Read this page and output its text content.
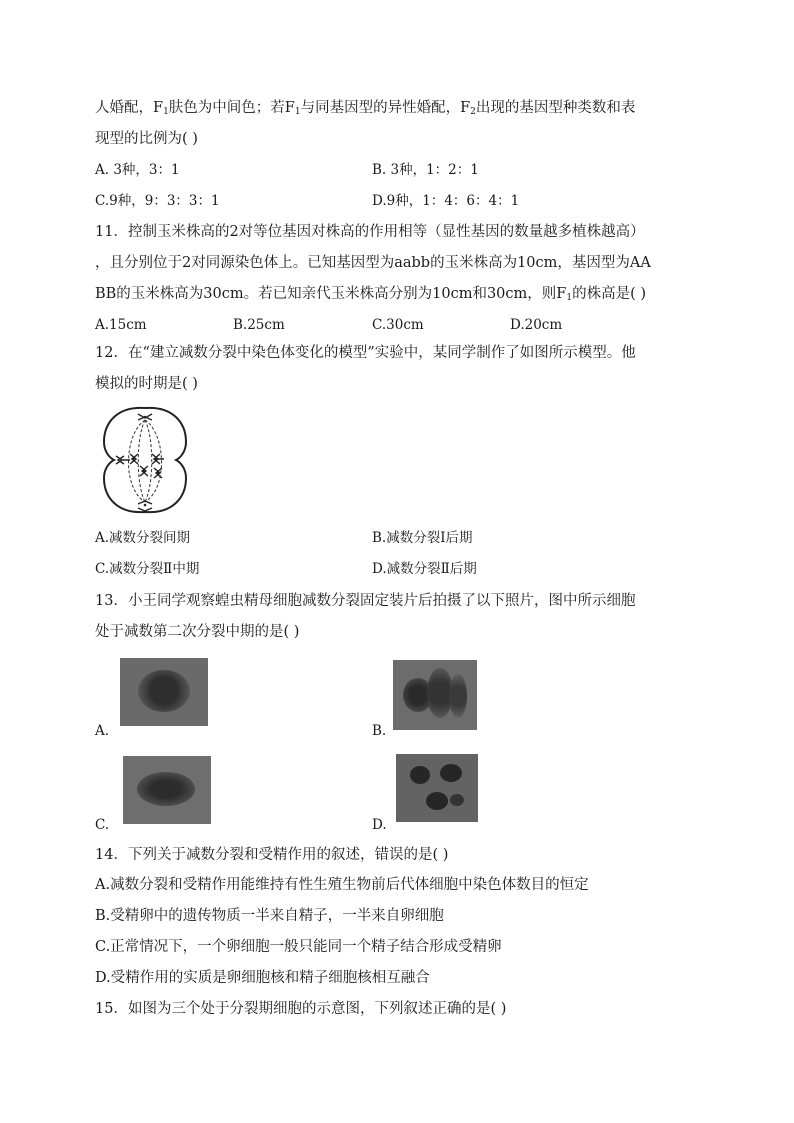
人婚配，$F_1$肤色为中间色；若$F_1$与同基因型的异性婚配，$F_2$出现的基因型种类数和表
现型的比例为( )
A. 3种，3：1	B. 3种，1：2：1
C.9种，9：3：3：1	D.9种，1：4：6：4：1
11．控制玉米株高的2对等位基因对株高的作用相等（显性基因的数量越多植株越高）
，且分别位于2对同源染色体上。已知基因型为aabb的玉米株高为10cm，基因型为AA
BB的玉米株高为30cm。若已知亲代玉米株高分别为10cm和30cm，则$F_1$的株高是( )
A.15cm	B.25cm	C.30cm	D.20cm
12．在“建立减数分裂中染色体变化的模型”实验中，某同学制作了如图所示模型。他
模拟的时期是( )
A.减数分裂间期	B.减数分裂Ⅰ后期
C.减数分裂Ⅱ中期	D.减数分裂Ⅱ后期
13．小王同学观察蝗虫精母细胞减数分裂固定装片后拍摄了以下照片，图中所示细胞
处于减数第二次分裂中期的是( )
A.	B.
C.	D.
14．下列关于减数分裂和受精作用的叙述，错误的是( )
A.减数分裂和受精作用能维持有性生殖生物前后代体细胞中染色体数目的恒定
B.受精卵中的遗传物质一半来自精子，一半来自卵细胞
C.正常情况下，一个卵细胞一般只能同一个精子结合形成受精卵
D.受精作用的实质是卵细胞核和精子细胞核相互融合
15．如图为三个处于分裂期细胞的示意图，下列叙述正确的是( )
